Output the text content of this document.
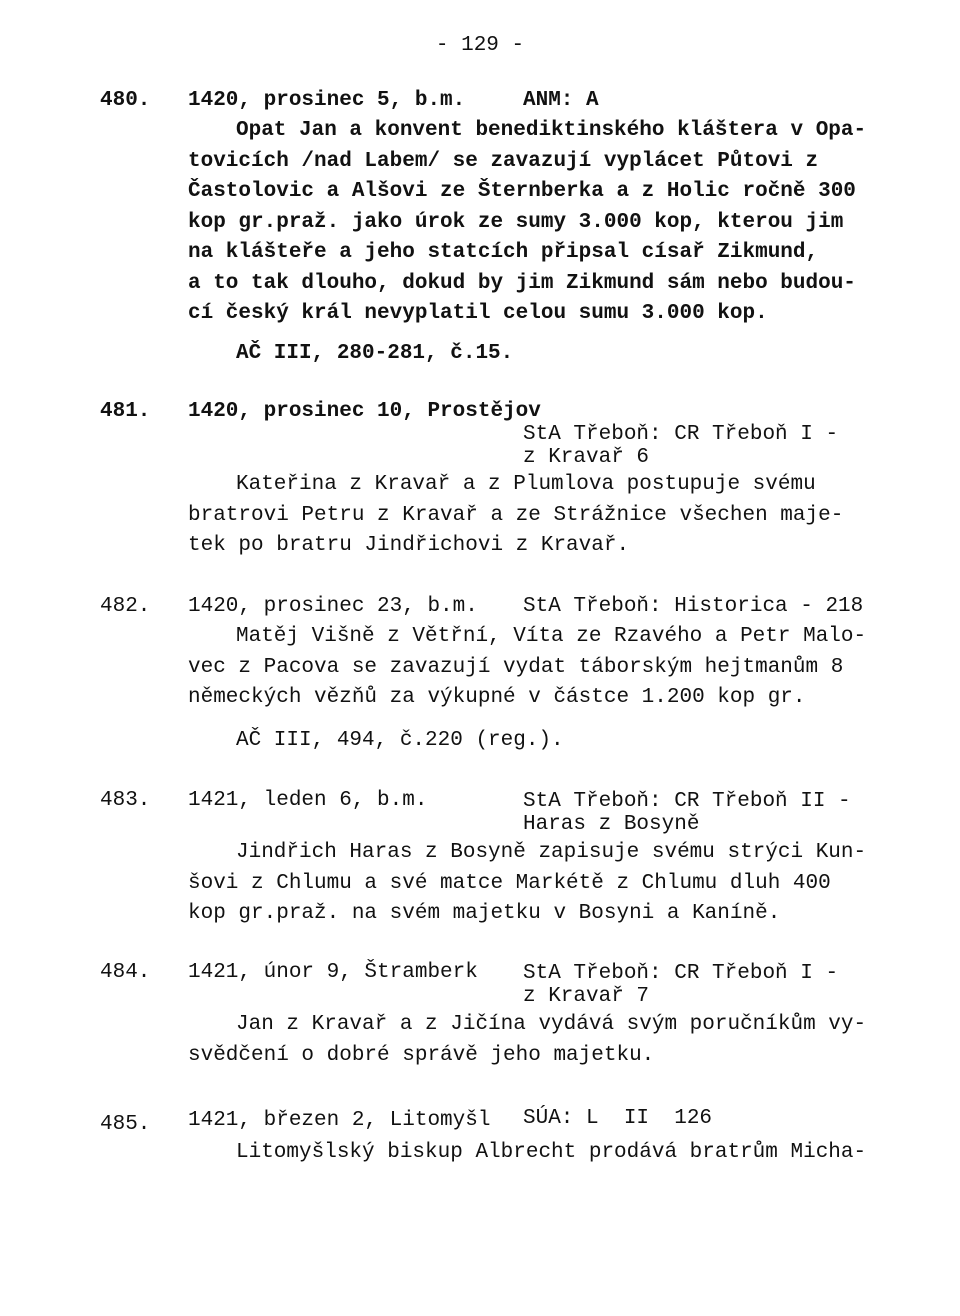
- 129 -
480. 1420, prosinec 5, b.m.	ANM: A
Opat Jan a konvent benediktinského kláštera v Opa-
tovicích /nad Labem/ se zavazují vyplácet Půtovi z
Častolovic a Alšovi ze Šternberka a z Holic ročně 300
kop gr.praž. jako úrok ze sumy 3.000 kop, kterou jim
na klášteře a jeho statcích připsal císař Zikmund,
a to tak dlouho, dokud by jim Zikmund sám nebo budou-
cí český král nevyplatil celou sumu 3.000 kop.
AČ III, 280-281, č.15.
481. 1420, prosinec 10, Prostějov
StA Třeboň: CR Třeboň I -
z Kravař 6
Kateřina z Kravař a z Plumlova postupuje svému
bratrovi Petru z Kravař a ze Strážnice všechen maje-
tek po bratru Jindřichovi z Kravař.
482. 1420, prosinec 23, b.m. StA Třeboň: Historica - 218
Matěj Višně z Větřní, Víta ze Rzavého a Petr Malo-
vec z Pacova se zavazují vydat táborským hejtmanům 8
německých vězňů za výkupné v částce 1.200 kop gr.
AČ III, 494, č.220 (reg.).
483. 1421, leden 6, b.m.	StA Třeboň: CR Třeboň II -
Haras z Bosyně
Jindřich Haras z Bosyně zapisuje svému strýci Kun-
šovi z Chlumu a své matce Markétě z Chlumu dluh 400
kop gr.praž. na svém majetku v Bosyni a Kaníně.
484. 1421, únor 9, Štramberk StA Třeboň: CR Třeboň I -
z Kravař 7
Jan z Kravař a z Jičína vydává svým poručníkům vy-
svědčení o dobré správě jeho majetku.
485. 1421, březen 2, Litomyšl SÚA: L  II  126
Litomyšlský biskup Albrecht prodává bratrům Micha-
